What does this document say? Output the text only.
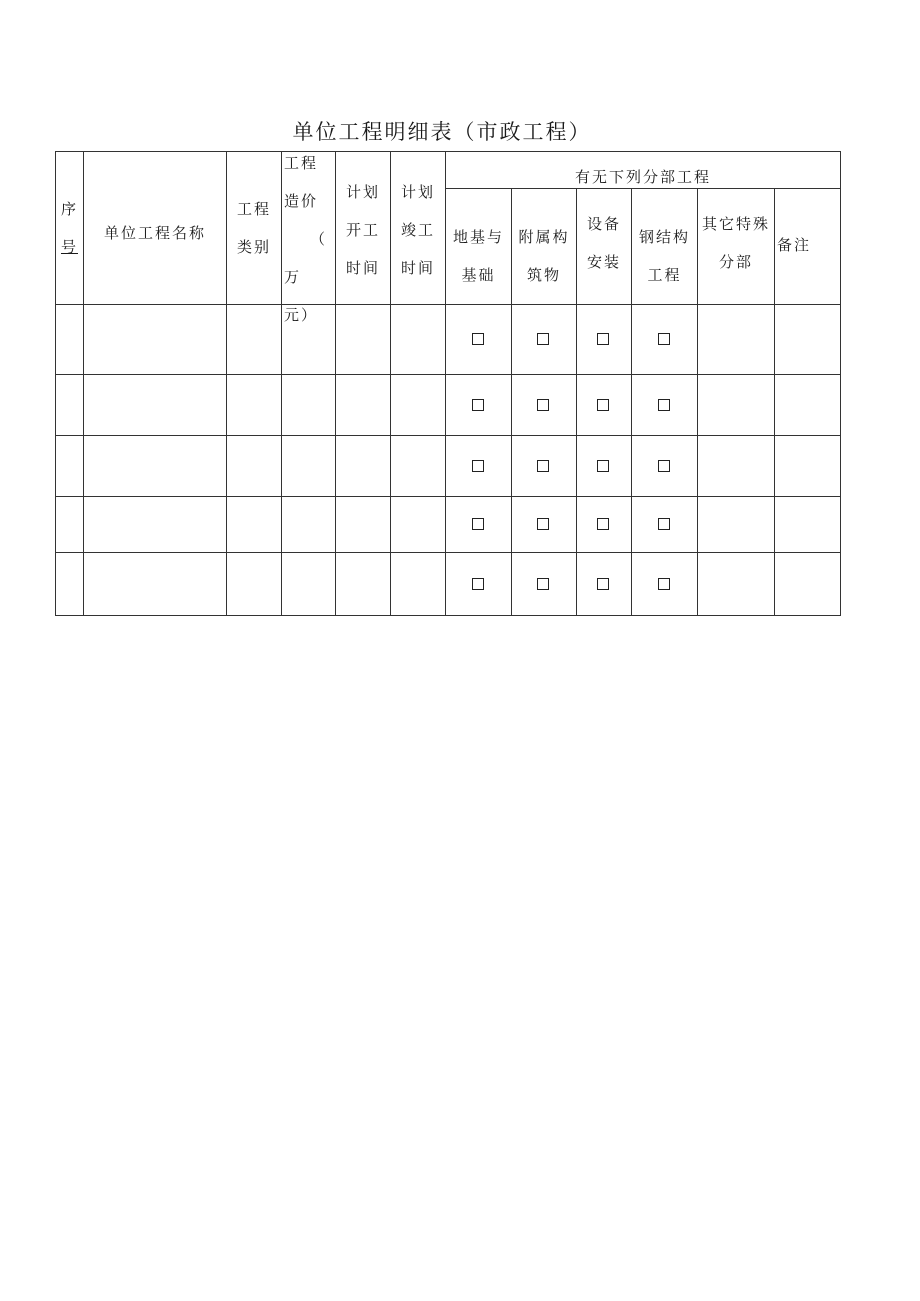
单位工程明细表（市政工程）
序
号
单位工程名称
工程
类别
工程
造价
（
万
元）
计划
开工
时间
计划
竣工
时间
有无下列分部工程
地基与
基础
附属构
筑物
设备
安装
钢结构
工程
其它特殊
分部
备注
